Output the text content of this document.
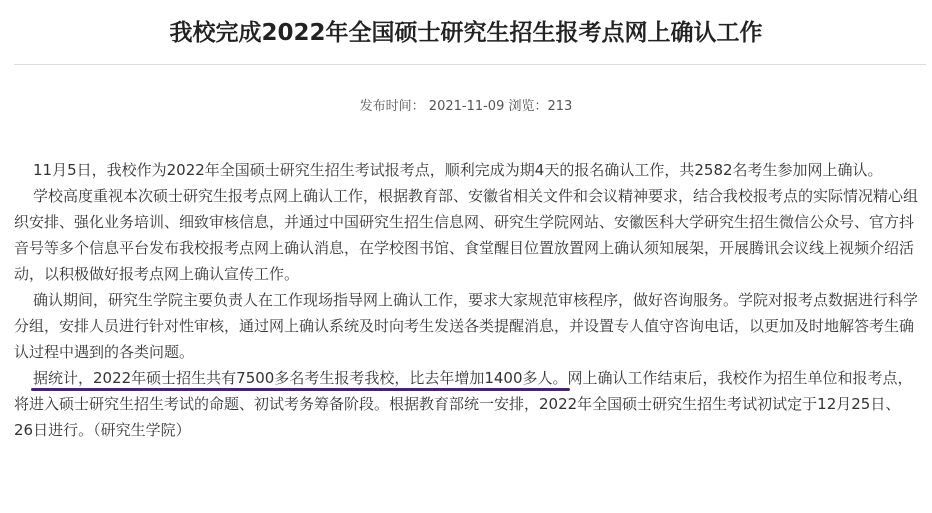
我校完成2022年全国硕士研究生招生报考点网上确认工作
发布时间： 2021-11-09 浏览：213

11月5日，我校作为2022年全国硕士研究生招生考试报考点，顺利完成为期4天的报名确认工作，共2582名考生参加网上确认。

学校高度重视本次硕士研究生报考点网上确认工作，根据教育部、安徽省相关文件和会议精神要求，结合我校报考点的实际情况精心组织安排、强化业务培训、细致审核信息，并通过中国研究生招生信息网、研究生学院网站、安徽医科大学研究生招生微信公众号、官方抖音号等多个信息平台发布我校报考点网上确认消息，在学校图书馆、食堂醒目位置放置网上确认须知展架，开展腾讯会议线上视频介绍活动，以积极做好报考点网上确认宣传工作。

确认期间，研究生学院主要负责人在工作现场指导网上确认工作，要求大家规范审核程序，做好咨询服务。学院对报考点数据进行科学分组，安排人员进行针对性审核，通过网上确认系统及时向考生发送各类提醒消息，并设置专人值守咨询电话，以更加及时地解答考生确认过程中遇到的各类问题。

据统计，2022年硕士招生共有7500多名考生报考我校，比去年增加1400多人。网上确认工作结束后，我校作为招生单位和报考点，将进入硕士研究生招生考试的命题、初试考务筹备阶段。根据教育部统一安排，2022年全国硕士研究生招生考试初试定于12月25日、26日进行。（研究生学院）
